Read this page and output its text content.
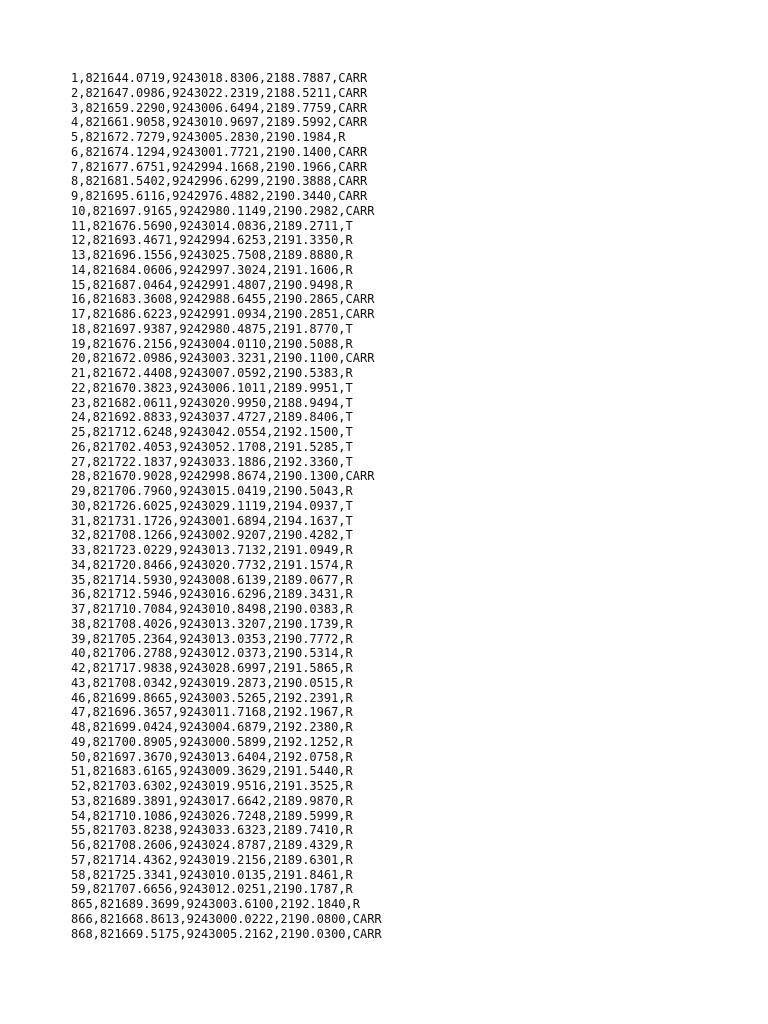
1,821644.0719,9243018.8306,2188.7887,CARR
2,821647.0986,9243022.2319,2188.5211,CARR
3,821659.2290,9243006.6494,2189.7759,CARR
4,821661.9058,9243010.9697,2189.5992,CARR
5,821672.7279,9243005.2830,2190.1984,R
6,821674.1294,9243001.7721,2190.1400,CARR
7,821677.6751,9242994.1668,2190.1966,CARR
8,821681.5402,9242996.6299,2190.3888,CARR
9,821695.6116,9242976.4882,2190.3440,CARR
10,821697.9165,9242980.1149,2190.2982,CARR
11,821676.5690,9243014.0836,2189.2711,T
12,821693.4671,9242994.6253,2191.3350,R
13,821696.1556,9243025.7508,2189.8880,R
14,821684.0606,9242997.3024,2191.1606,R
15,821687.0464,9242991.4807,2190.9498,R
16,821683.3608,9242988.6455,2190.2865,CARR
17,821686.6223,9242991.0934,2190.2851,CARR
18,821697.9387,9242980.4875,2191.8770,T
19,821676.2156,9243004.0110,2190.5088,R
20,821672.0986,9243003.3231,2190.1100,CARR
21,821672.4408,9243007.0592,2190.5383,R
22,821670.3823,9243006.1011,2189.9951,T
23,821682.0611,9243020.9950,2188.9494,T
24,821692.8833,9243037.4727,2189.8406,T
25,821712.6248,9243042.0554,2192.1500,T
26,821702.4053,9243052.1708,2191.5285,T
27,821722.1837,9243033.1886,2192.3360,T
28,821670.9028,9242998.8674,2190.1300,CARR
29,821706.7960,9243015.0419,2190.5043,R
30,821726.6025,9243029.1119,2194.0937,T
31,821731.1726,9243001.6894,2194.1637,T
32,821708.1266,9243002.9207,2190.4282,T
33,821723.0229,9243013.7132,2191.0949,R
34,821720.8466,9243020.7732,2191.1574,R
35,821714.5930,9243008.6139,2189.0677,R
36,821712.5946,9243016.6296,2189.3431,R
37,821710.7084,9243010.8498,2190.0383,R
38,821708.4026,9243013.3207,2190.1739,R
39,821705.2364,9243013.0353,2190.7772,R
40,821706.2788,9243012.0373,2190.5314,R
42,821717.9838,9243028.6997,2191.5865,R
43,821708.0342,9243019.2873,2190.0515,R
46,821699.8665,9243003.5265,2192.2391,R
47,821696.3657,9243011.7168,2192.1967,R
48,821699.0424,9243004.6879,2192.2380,R
49,821700.8905,9243000.5899,2192.1252,R
50,821697.3670,9243013.6404,2192.0758,R
51,821683.6165,9243009.3629,2191.5440,R
52,821703.6302,9243019.9516,2191.3525,R
53,821689.3891,9243017.6642,2189.9870,R
54,821710.1086,9243026.7248,2189.5999,R
55,821703.8238,9243033.6323,2189.7410,R
56,821708.2606,9243024.8787,2189.4329,R
57,821714.4362,9243019.2156,2189.6301,R
58,821725.3341,9243010.0135,2191.8461,R
59,821707.6656,9243012.0251,2190.1787,R
865,821689.3699,9243003.6100,2192.1840,R
866,821668.8613,9243000.0222,2190.0800,CARR
868,821669.5175,9243005.2162,2190.0300,CARR
